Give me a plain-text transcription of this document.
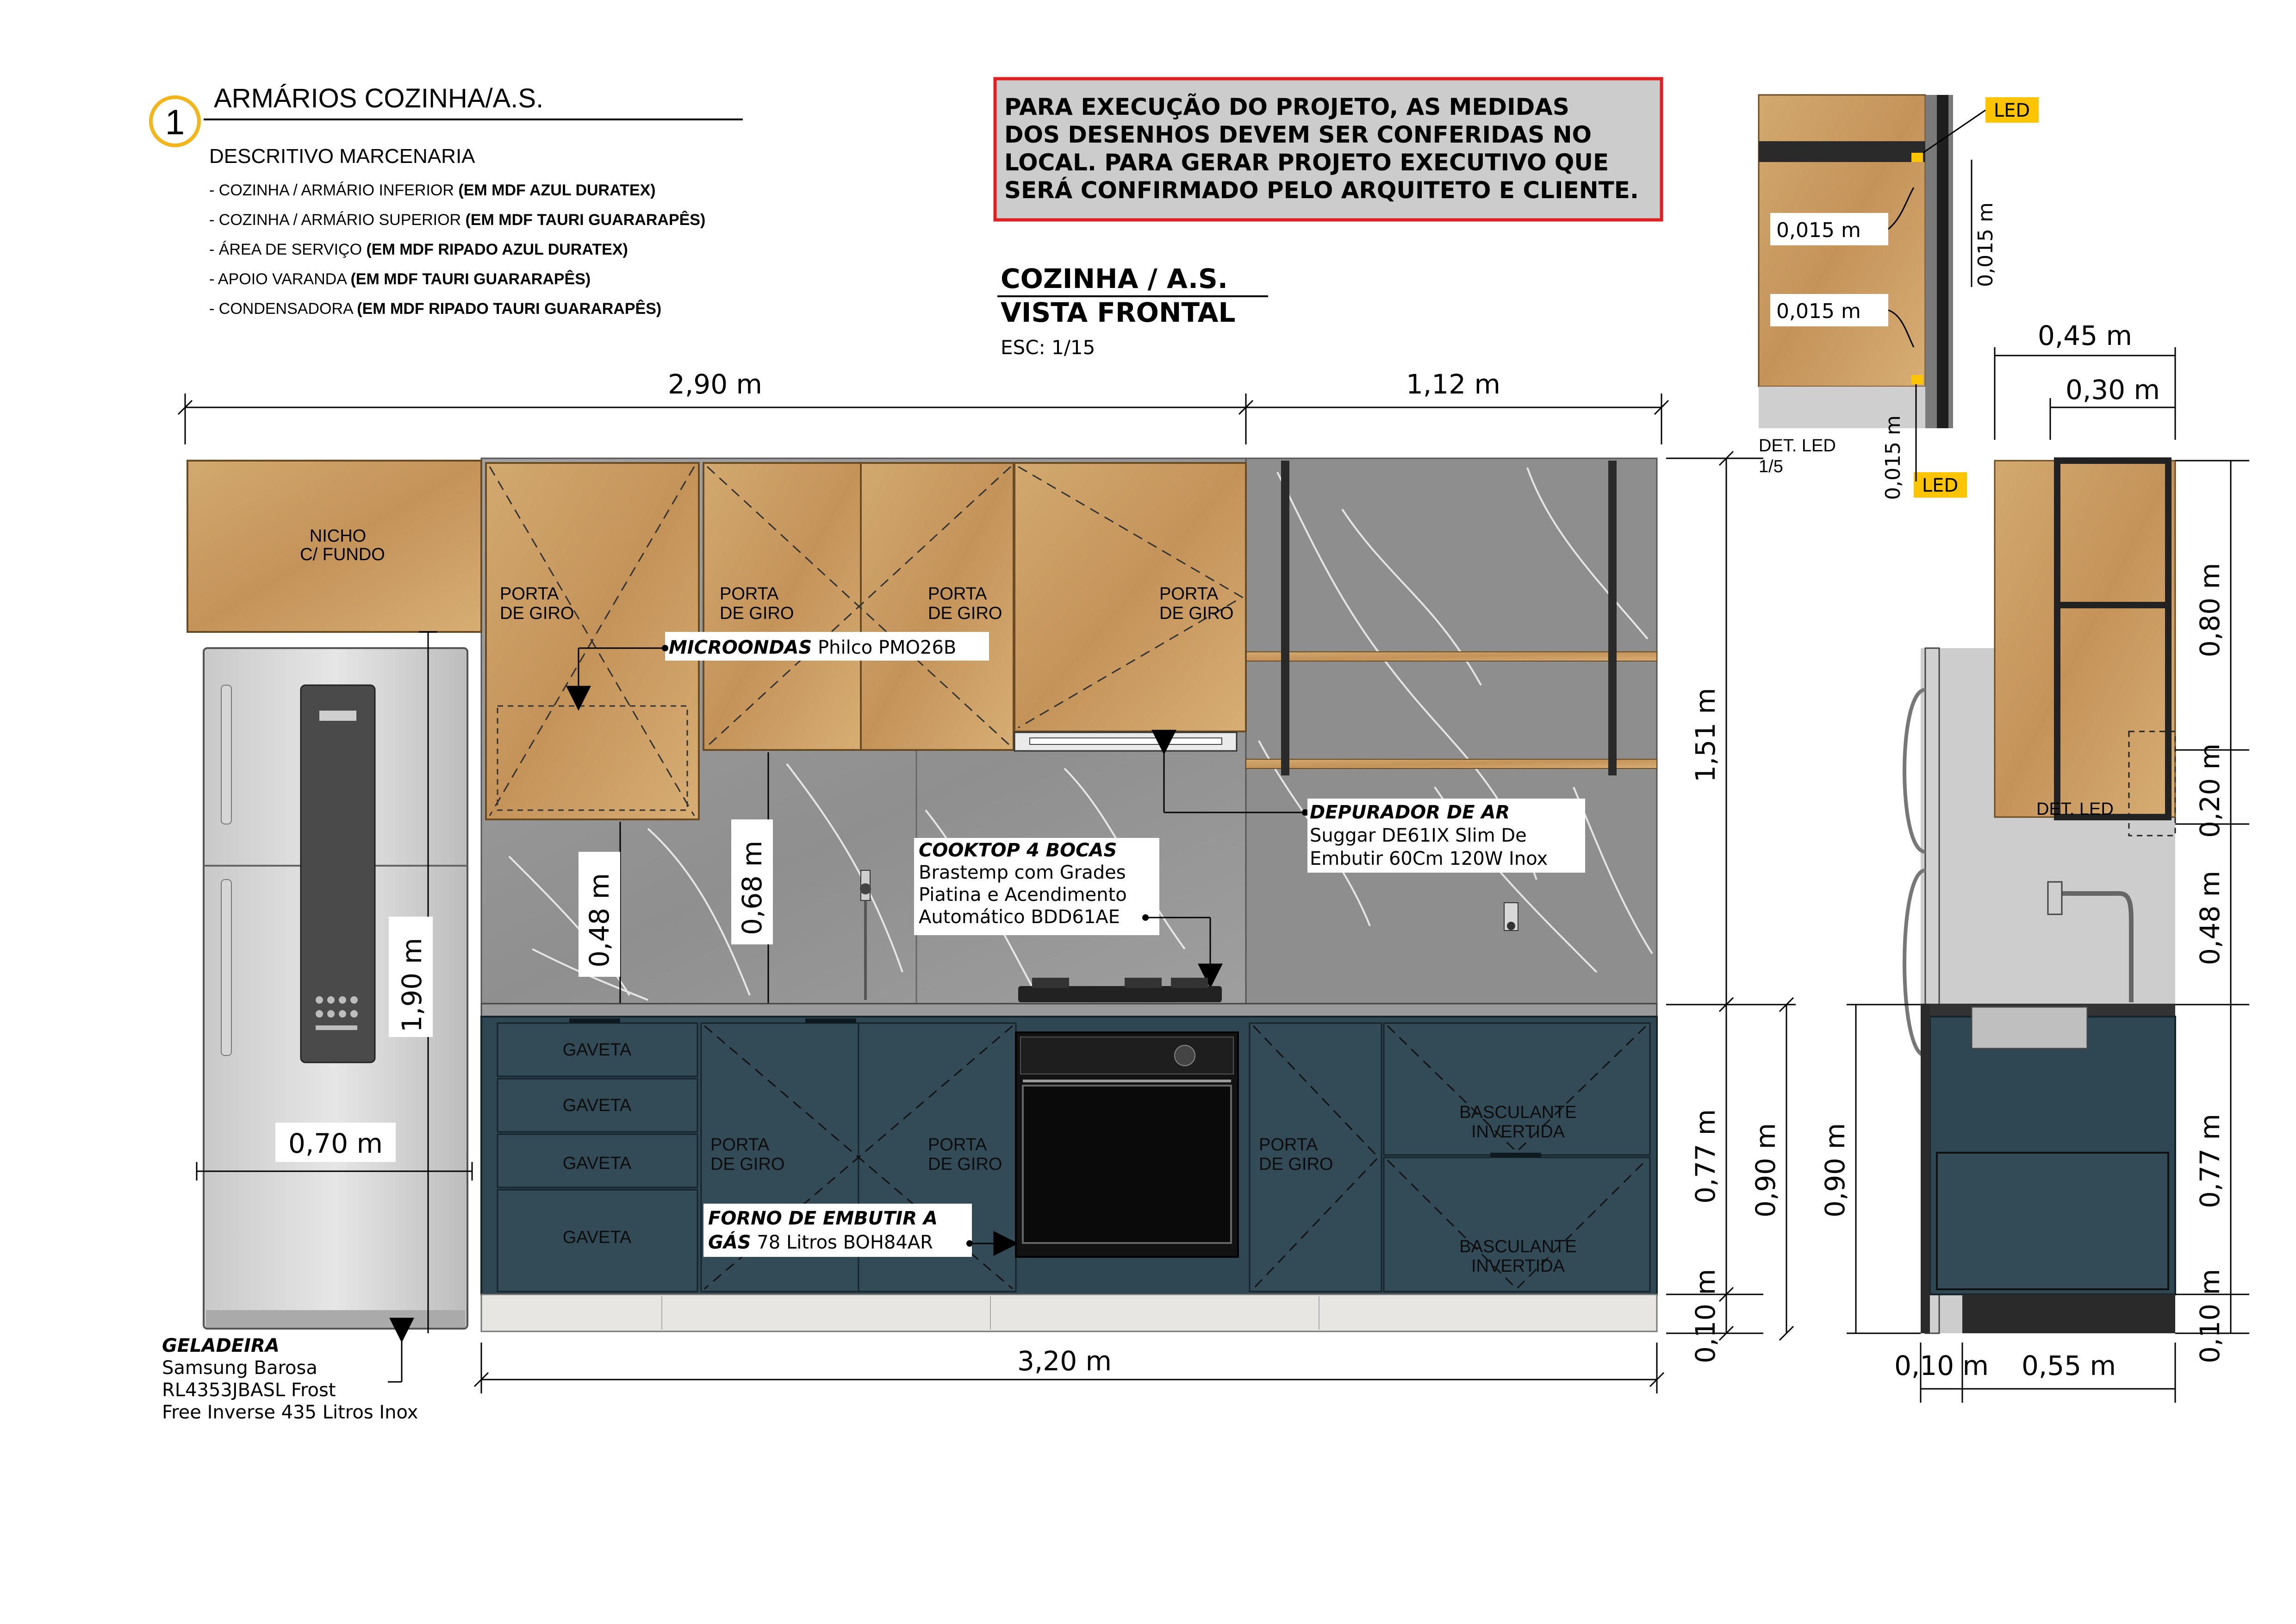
1
ARMÁRIOS COZINHA/A.S.
DESCRITIVO MARCENARIA
- COZINHA / ARMÁRIO INFERIOR (EM MDF AZUL DURATEX)
- COZINHA / ARMÁRIO SUPERIOR (EM MDF TAURI GUARARAPÊS)
- ÁREA DE SERVIÇO (EM MDF RIPADO AZUL DURATEX)
- APOIO VARANDA (EM MDF TAURI GUARARAPÊS)
- CONDENSADORA (EM MDF RIPADO TAURI GUARARAPÊS)
PARA EXECUÇÃO DO PROJETO, AS MEDIDAS
DOS DESENHOS DEVEM SER CONFERIDAS NO
LOCAL. PARA GERAR PROJETO EXECUTIVO QUE
SERÁ CONFIRMADO PELO ARQUITETO E CLIENTE.
COZINHA / A.S.
VISTA FRONTAL
ESC: 1/15
2,90 m	1,12 m
NICHO
C/ FUNDO
PORTA
DE GIRO
PORTA
DE GIRO
PORTA
DE GIRO
PORTA
DE GIRO
MICROONDAS Philco PMO26B
DEPURADOR DE AR
Suggar DE61IX Slim De
Embutir 60Cm 120W Inox
COOKTOP 4 BOCAS
Brastemp com Grades
Piatina e Acendimento
Automático BDD61AE
0,48 m	0,68 m
GAVETA
GAVETA
GAVETA
GAVETA
PORTA
DE GIRO
PORTA
DE GIRO
PORTA
DE GIRO
BASCULANTE
INVERTIDA
BASCULANTE
INVERTIDA
FORNO DE EMBUTIR A
GÁS 78 Litros BOH84AR
1,90 m
0,70 m
GELADEIRA
Samsung Barosa
RL4353JBASL Frost
Free Inverse 435 Litros Inox
3,20 m
1,51 m
0,77 m 0,90 m
0,10 m
LED
LED
0,015 m
0,015 m
0,015 m
0,015 m
DET. LED
1/5
0,45 m
0,30 m
DET. LED
0,80 m
0,20 m
0,48 m
0,77 m
0,10 m
0,90 m
0,10 m 0,55 m
